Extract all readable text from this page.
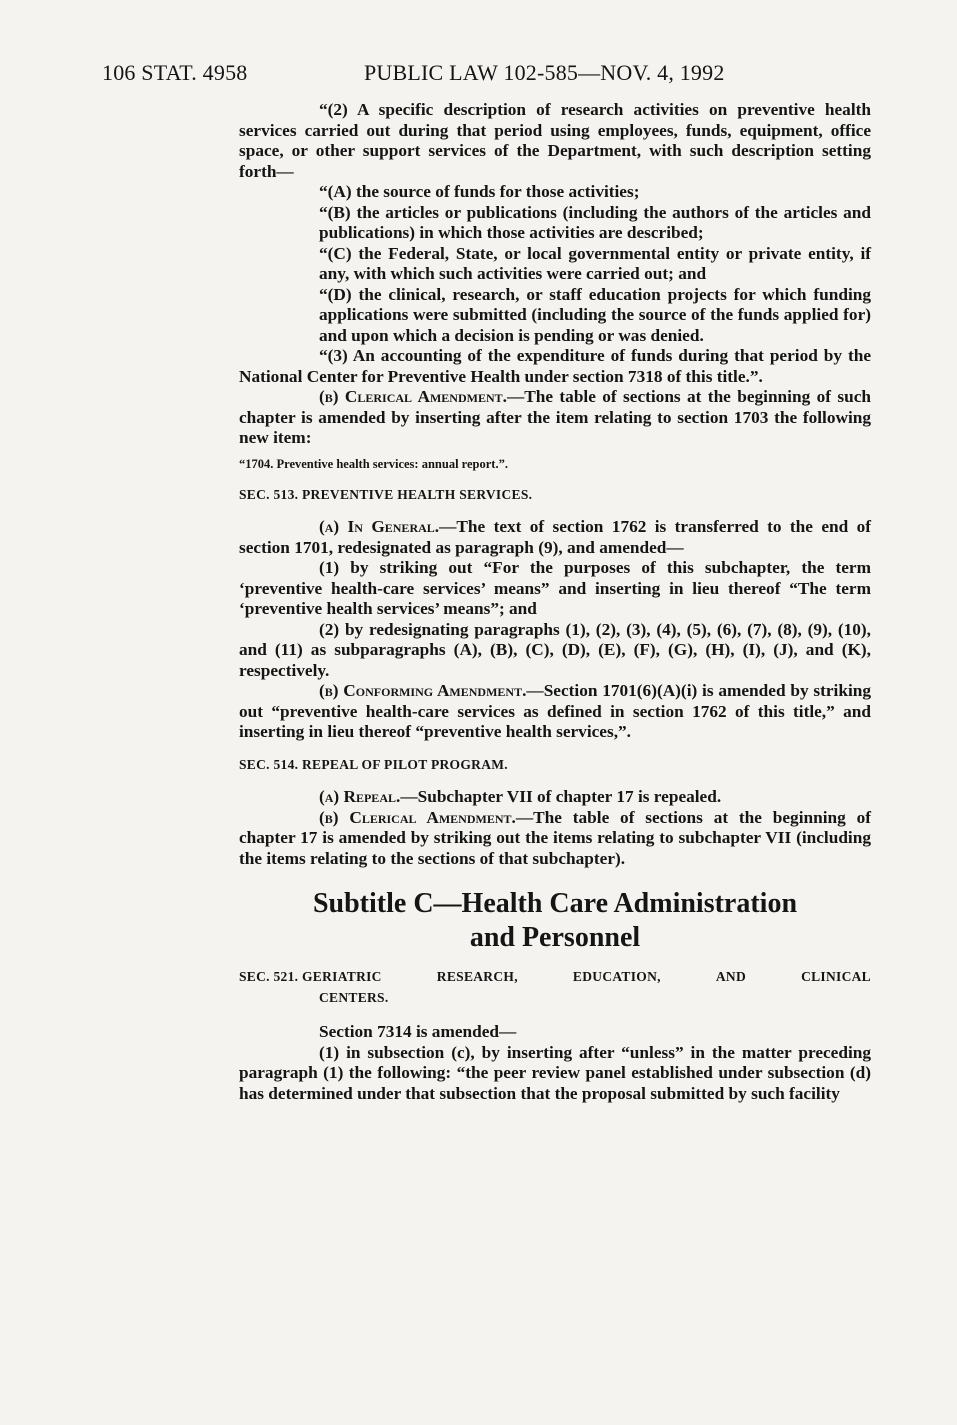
106 STAT. 4958	PUBLIC LAW 102-585—NOV. 4, 1992

“(2) A specific description of research activities on preventive health services carried out during that period using employees, funds, equipment, office space, or other support services of the Department, with such description setting forth—

“(A) the source of funds for those activities;

“(B) the articles or publications (including the authors of the articles and publications) in which those activities are described;

“(C) the Federal, State, or local governmental entity or private entity, if any, with which such activities were carried out; and

“(D) the clinical, research, or staff education projects for which funding applications were submitted (including the source of the funds applied for) and upon which a decision is pending or was denied.

“(3) An accounting of the expenditure of funds during that period by the National Center for Preventive Health under section 7318 of this title.”.

(b) Clerical Amendment.—The table of sections at the beginning of such chapter is amended by inserting after the item relating to section 1703 the following new item:

“1704. Preventive health services: annual report.”.

SEC. 513. PREVENTIVE HEALTH SERVICES.

(a) In General.—The text of section 1762 is transferred to the end of section 1701, redesignated as paragraph (9), and amended—

(1) by striking out “For the purposes of this subchapter, the term ‘preventive health-care services’ means” and inserting in lieu thereof “The term ‘preventive health services’ means”; and

(2) by redesignating paragraphs (1), (2), (3), (4), (5), (6), (7), (8), (9), (10), and (11) as subparagraphs (A), (B), (C), (D), (E), (F), (G), (H), (I), (J), and (K), respectively.

(b) Conforming Amendment.—Section 1701(6)(A)(i) is amended by striking out “preventive health-care services as defined in section 1762 of this title,” and inserting in lieu thereof “preventive health services,”.

SEC. 514. REPEAL OF PILOT PROGRAM.

(a) Repeal.—Subchapter VII of chapter 17 is repealed.

(b) Clerical Amendment.—The table of sections at the beginning of chapter 17 is amended by striking out the items relating to subchapter VII (including the items relating to the sections of that subchapter).

Subtitle C—Health Care Administration
and Personnel
SEC. 521. GERIATRIC	RESEARCH,	EDUCATION,	AND	CLINICAL
CENTERS.

Section 7314 is amended—

(1) in subsection (c), by inserting after “unless” in the matter preceding paragraph (1) the following: “the peer review panel established under subsection (d) has determined under that subsection that the proposal submitted by such facility
